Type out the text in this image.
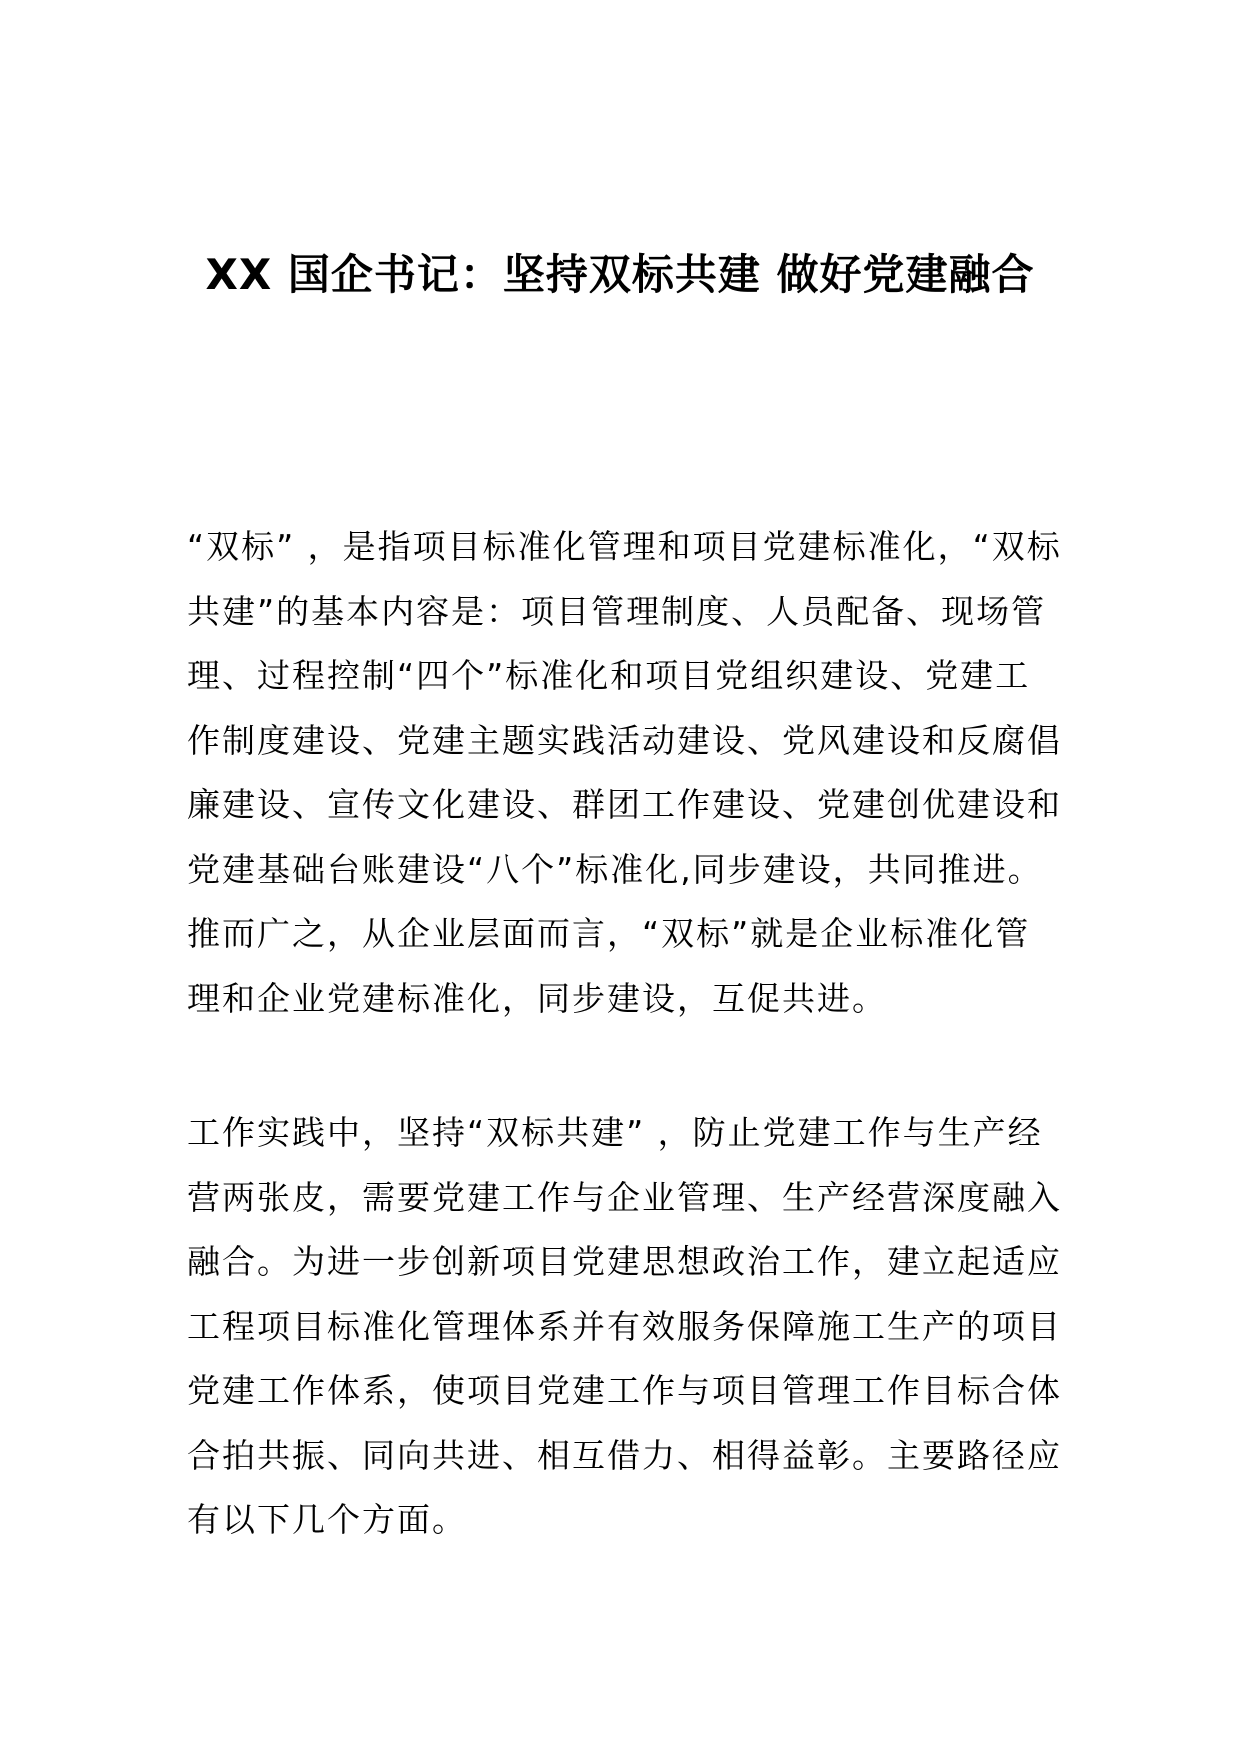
XX 国企书记：坚持双标共建 做好党建融合
“双标” ，是指项目标准化管理和项目党建标准化，“双标
共建”的基本内容是：项目管理制度、人员配备、现场管
理、过程控制“四个”标准化和项目党组织建设、党建工
作制度建设、党建主题实践活动建设、党风建设和反腐倡
廉建设、宣传文化建设、群团工作建设、党建创优建设和
党建基础台账建设“八个”标准化,同步建设，共同推进。
推而广之，从企业层面而言，“双标”就是企业标准化管
理和企业党建标准化，同步建设，互促共进。
工作实践中，坚持“双标共建” ，防止党建工作与生产经
营两张皮，需要党建工作与企业管理、生产经营深度融入
融合。为进一步创新项目党建思想政治工作，建立起适应
工程项目标准化管理体系并有效服务保障施工生产的项目
党建工作体系，使项目党建工作与项目管理工作目标合体
合拍共振、同向共进、相互借力、相得益彰。主要路径应
有以下几个方面。
